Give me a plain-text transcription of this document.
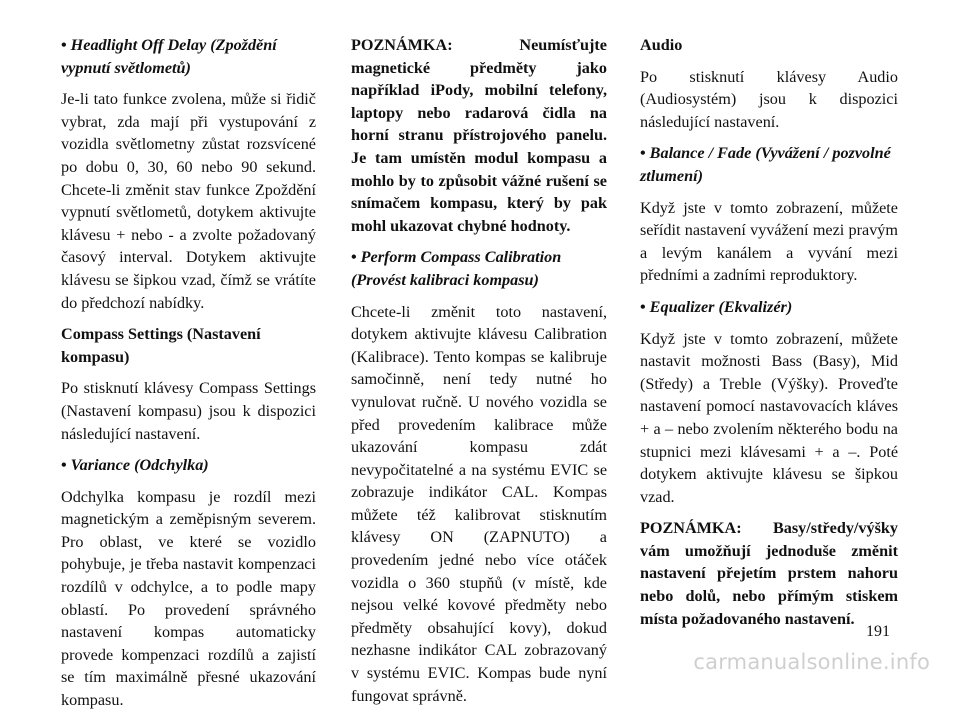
• Headlight Off Delay (Zpoždění vypnutí světlometů)

Je-li tato funkce zvolena, může si řidič vybrat, zda mají při vystupování z vozidla světlometny zůstat rozsvícené po dobu 0, 30, 60 nebo 90 sekund. Chcete-li změnit stav funkce Zpoždění vypnutí světlometů, dotykem aktivujte klávesu + nebo - a zvolte požadovaný časový interval. Dotykem aktivujte klávesu se šipkou vzad, čímž se vrátíte do předchozí nabídky.

Compass Settings (Nastavení kompasu)

Po stisknutí klávesy Compass Settings (Nastavení kompasu) jsou k dispozici následující nastavení.

• Variance (Odchylka)

Odchylka kompasu je rozdíl mezi magnetickým a zeměpisným severem. Pro oblast, ve které se vozidlo pohybuje, je třeba nastavit kompenzaci rozdílů v odchylce, a to podle mapy oblastí. Po provedení správného nastavení kompas automaticky provede kompenzaci rozdílů a zajistí se tím maximálně přesné ukazování kompasu.

POZNÁMKA: Neumísťujte magnetické předměty jako například iPody, mobilní telefony, laptopy nebo radarová čidla na horní stranu přístrojového panelu. Je tam umístěn modul kompasu a mohlo by to způsobit vážné rušení se snímačem kompasu, který by pak mohl ukazovat chybné hodnoty.

• Perform Compass Calibration (Provést kalibraci kompasu)

Chcete-li změnit toto nastavení, dotykem aktivujte klávesu Calibration (Kalibrace). Tento kompas se kalibruje samočinně, není tedy nutné ho vynulovat ručně. U nového vozidla se před provedením kalibrace může ukazování kompasu zdát nevypočitatelné a na systému EVIC se zobrazuje indikátor CAL. Kompas můžete též kalibrovat stisknutím klávesy ON (ZAPNUTO) a provedením jedné nebo více otáček vozidla o 360 stupňů (v místě, kde nejsou velké kovové předměty nebo předměty obsahující kovy), dokud nezhasne indikátor CAL zobrazovaný v systému EVIC. Kompas bude nyní fungovat správně.

Audio

Po stisknutí klávesy Audio (Audiosystém) jsou k dispozici následující nastavení.

• Balance / Fade (Vyvážení / pozvolné ztlumení)

Když jste v tomto zobrazení, můžete seřídit nastavení vyvážení mezi pravým a levým kanálem a vyvání mezi předními a zadními reproduktory.

• Equalizer (Ekvalizér)

Když jste v tomto zobrazení, můžete nastavit možnosti Bass (Basy), Mid (Středy) a Treble (Výšky). Proveďte nastavení pomocí nastavovacích kláves + a – nebo zvolením některého bodu na stupnici mezi klávesami + a –. Poté dotykem aktivujte klávesu se šipkou vzad.

POZNÁMKA: Basy/středy/výšky vám umožňují jednoduše změnit nastavení přejetím prstem nahoru nebo dolů, nebo přímým stiskem místa požadovaného nastavení.

191
carmanualsonline.info
